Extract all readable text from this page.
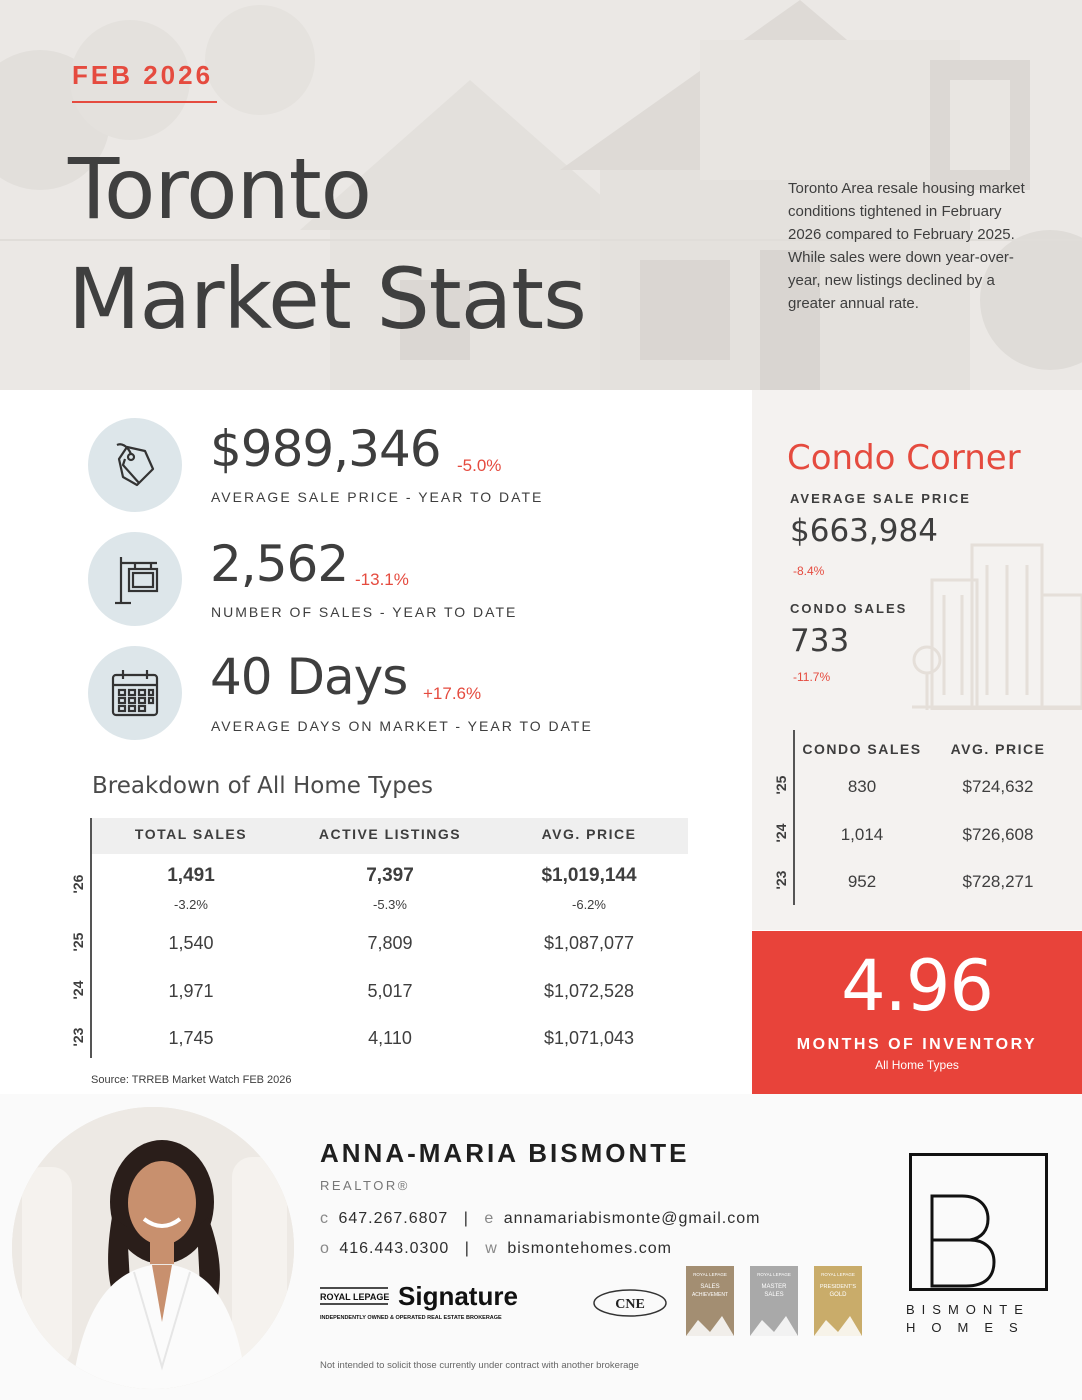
FEB 2026
Toronto
Market Stats
Toronto Area resale housing market conditions tightened in February 2026 compared to February 2025. While sales were down year-over-year, new listings declined by a greater annual rate.
$989,346 -5.0%
AVERAGE SALE PRICE - YEAR TO DATE
2,562 -13.1%
NUMBER OF SALES - YEAR TO DATE
40 Days +17.6%
AVERAGE DAYS ON MARKET - YEAR TO DATE
Breakdown of All Home Types
TOTAL SALES	ACTIVE LISTINGS	AVG. PRICE
'26	1,491	7,397	$1,019,144
-3.2%	-5.3%	-6.2%
'25	1,540	7,809	$1,087,077
'24	1,971	5,017	$1,072,528
'23	1,745	4,110	$1,071,043
Source: TRREB Market Watch FEB 2026
Condo Corner
AVERAGE SALE PRICE
$663,984
-8.4%
CONDO SALES
733
-11.7%
CONDO SALES	AVG. PRICE
'25	830	$724,632
'24	1,014	$726,608
'23	952	$728,271
4.96
MONTHS OF INVENTORY
All Home Types
ANNA-MARIA BISMONTE
REALTOR®
c 647.267.6807 | e annamariabismonte@gmail.com
o 416.443.0300 | w bismontehomes.com
ROYAL LEPAGE Signature
INDEPENDENTLY OWNED & OPERATED REAL ESTATE BROKERAGE
CNE
ROYAL LEPAGE
SALES
ACHIEVEMENT
ROYAL LEPAGE
MASTER
SALES
ROYAL LEPAGE
PRESIDENT'S
GOLD
Not intended to solicit those currently under contract with another brokerage
BISMONTE
HOMES
